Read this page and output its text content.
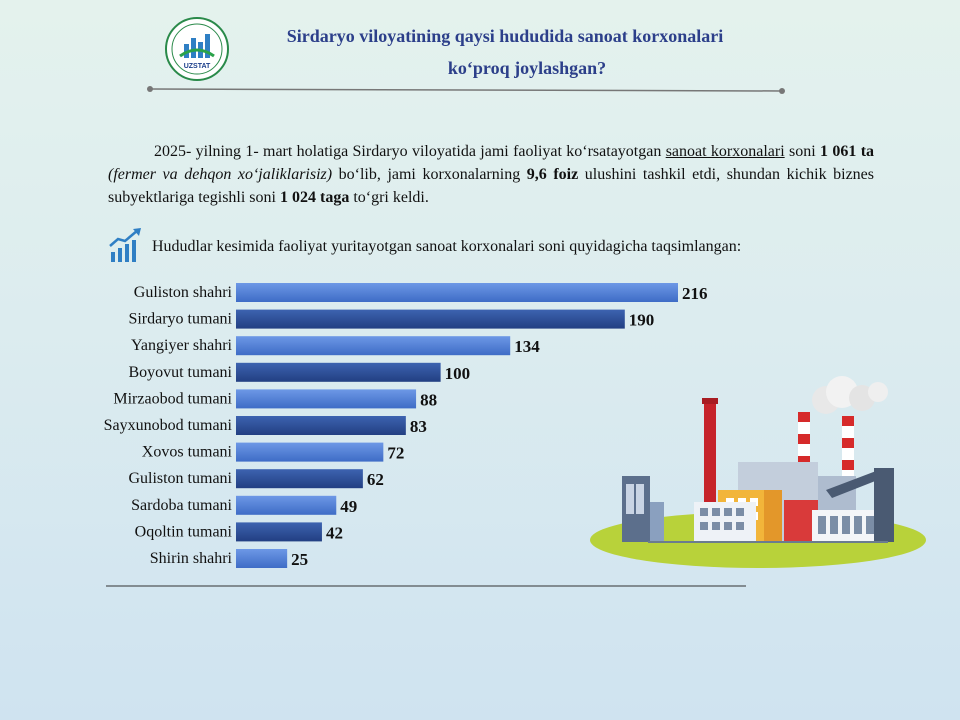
UZSTAT
Sirdaryo viloyatining qaysi hududida sanoat korxonalari
ko‘proq joylashgan?
2025- yilning 1- mart holatiga Sirdaryo viloyatida jami faoliyat ko‘rsatayotgan sanoat korxonalari soni 1 061 ta (fermer va dehqon xo‘jaliklarisiz) bo‘lib, jami korxonalarning 9,6 foiz ulushini tashkil etdi, shundan kichik biznes subyektlariga tegishli soni 1 024 taga to‘gri keldi.
Hududlar kesimida faoliyat yuritayotgan sanoat korxonalari soni quyidagicha taqsimlangan:
Guliston shahri	216
Sirdaryo tumani	190
Yangiyer shahri	134
Boyovut tumani	100
Mirzaobod tumani	88
Sayxunobod tumani	83
Xovos tumani	72
Guliston tumani	62
Sardoba tumani	49
Oqoltin tumani	42
Shirin shahri	25
